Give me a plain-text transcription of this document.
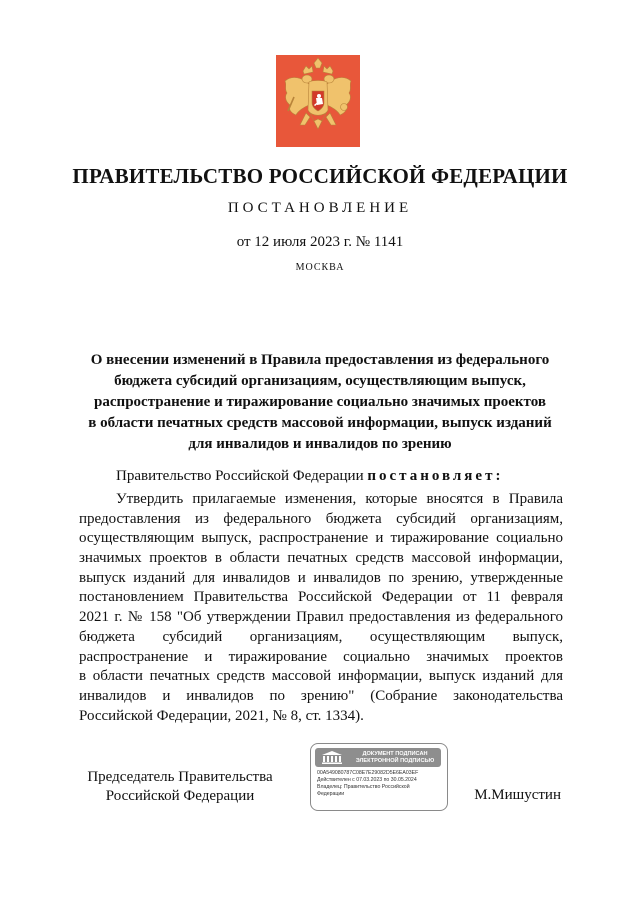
ПРАВИТЕЛЬСТВО РОССИЙСКОЙ ФЕДЕРАЦИИ
ПОСТАНОВЛЕНИЕ
от 12 июля 2023 г. № 1141
МОСКВА
О внесении изменений в Правила предоставления из федерального
бюджета субсидий организациям, осуществляющим выпуск,
распространение и тиражирование социально значимых проектов
в области печатных средств массовой информации, выпуск изданий
для инвалидов и инвалидов по зрению
Правительство Российской Федерации постановляет:
Утвердить прилагаемые изменения, которые вносятся в Правила
предоставления из федерального бюджета субсидий организациям,
осуществляющим выпуск, распространение и тиражирование социально
значимых проектов в области печатных средств массовой информации,
выпуск изданий для инвалидов и инвалидов по зрению, утвержденные
постановлением Правительства Российской Федерации от 11 февраля
2021 г. № 158 "Об утверждении Правил предоставления из федерального
бюджета субсидий организациям, осуществляющим выпуск,
распространение и тиражирование социально значимых проектов
в области печатных средств массовой информации, выпуск изданий для
инвалидов и инвалидов по зрению" (Собрание законодательства
Российской Федерации, 2021, № 8, ст. 1334).
Председатель Правительства
Российской Федерации
ДОКУМЕНТ ПОДПИСАН
ЭЛЕКТРОННОЙ ПОДПИСЬЮ
00A549080787C08E7E29082D5E6EA03EF
Действителен с 07.03.2023 по 30.05.2024
Владелец: Правительство Российской
Федерации	М.Мишустин
